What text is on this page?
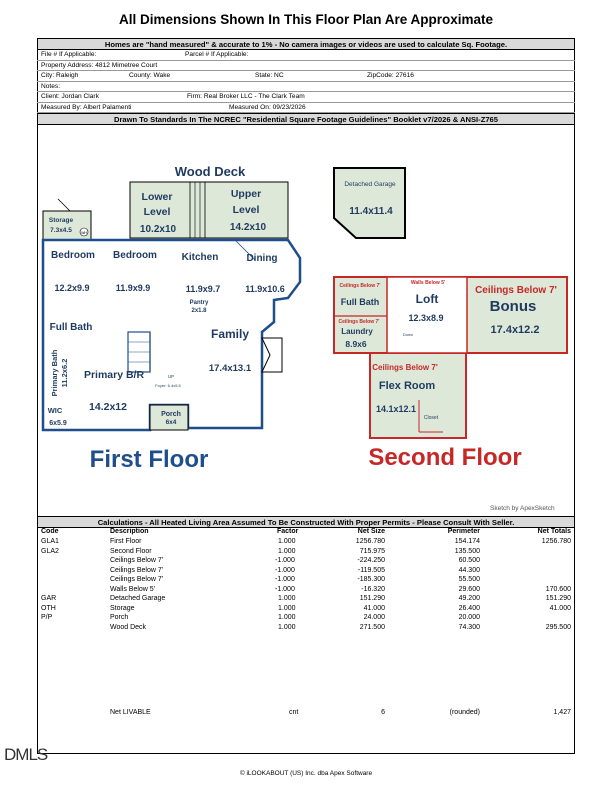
All Dimensions Shown In This Floor Plan Are Approximate
Homes are "hand measured" & accurate to 1% - No camera images or videos are used to calculate Sq. Footage.
File # If Applicable:	Parcel # If Applicable:
Property Address: 4812 Mimetree Court
City: Raleigh	County: Wake	State: NC	ZipCode: 27616
Notes:
Client: Jordan Clark	Firm: Real Broker LLC - The Clark Team
Measured By: Albert Palamenti	Measured On: 09/23/2026
Drawn To Standards In The NCREC "Residential Square Footage Guidelines" Booklet v7/2026 & ANSI-Z765
Wood Deck
Lower
Level
10.2x10
Upper
Level
14.2x10
Storage
7.3x4.5	WH
Porch
6x4
Bedroom
12.2x9.9
Bedroom
11.9x9.9
Kitchen
11.9x9.7
Dining
11.9x10.6
Pantry
2x1.8
Full Bath	Family
17.4x13.1
Primary Bath 11.2x6.2 Primary B/R
14.2x12
WIC
6x5.9
Foyer: 6.4x5.5
UP
First Floor
Detached Garage
11.4x11.4
Ceilings Below 7'
Full Bath
Walls Below 5'
Loft
12.3x8.9
Down
Ceilings Below 7'
Laundry
8.9x6
Ceilings Below 7'
Bonus
17.4x12.2
Ceilings Below 7'
Flex Room
14.1x12.1
Closet
Second Floor
Sketch by ApexSketch
Calculations - All Heated Living Area Assumed To Be Constructed With Proper Permits - Please Consult With Seller.
Code	Description	Factor	Net Size	Perimeter	Net Totals
GLA1	First Floor	1.000	1256.780	154.174	1256.780
GLA2	Second Floor	1.000	715.975	135.500
Ceilings Below 7'	-1.000	-224.250	60.500
Ceilings Below 7'	-1.000	-119.505	44.300
Ceilings Below 7'	-1.000	-185.300	55.500
Walls Below 5'	-1.000	-16.320	29.600	170.600
GAR	Detached Garage	1.000	151.290	49.200	151.290
OTH	Storage	1.000	41.000	26.400	41.000
P/P	Porch	1.000	24.000	20.000
Wood Deck	1.000	271.500	74.300	295.500
Net LIVABLE	cnt	6	(rounded)	1,427
DMLS
© iLOOKABOUT (US) Inc. dba Apex Software
